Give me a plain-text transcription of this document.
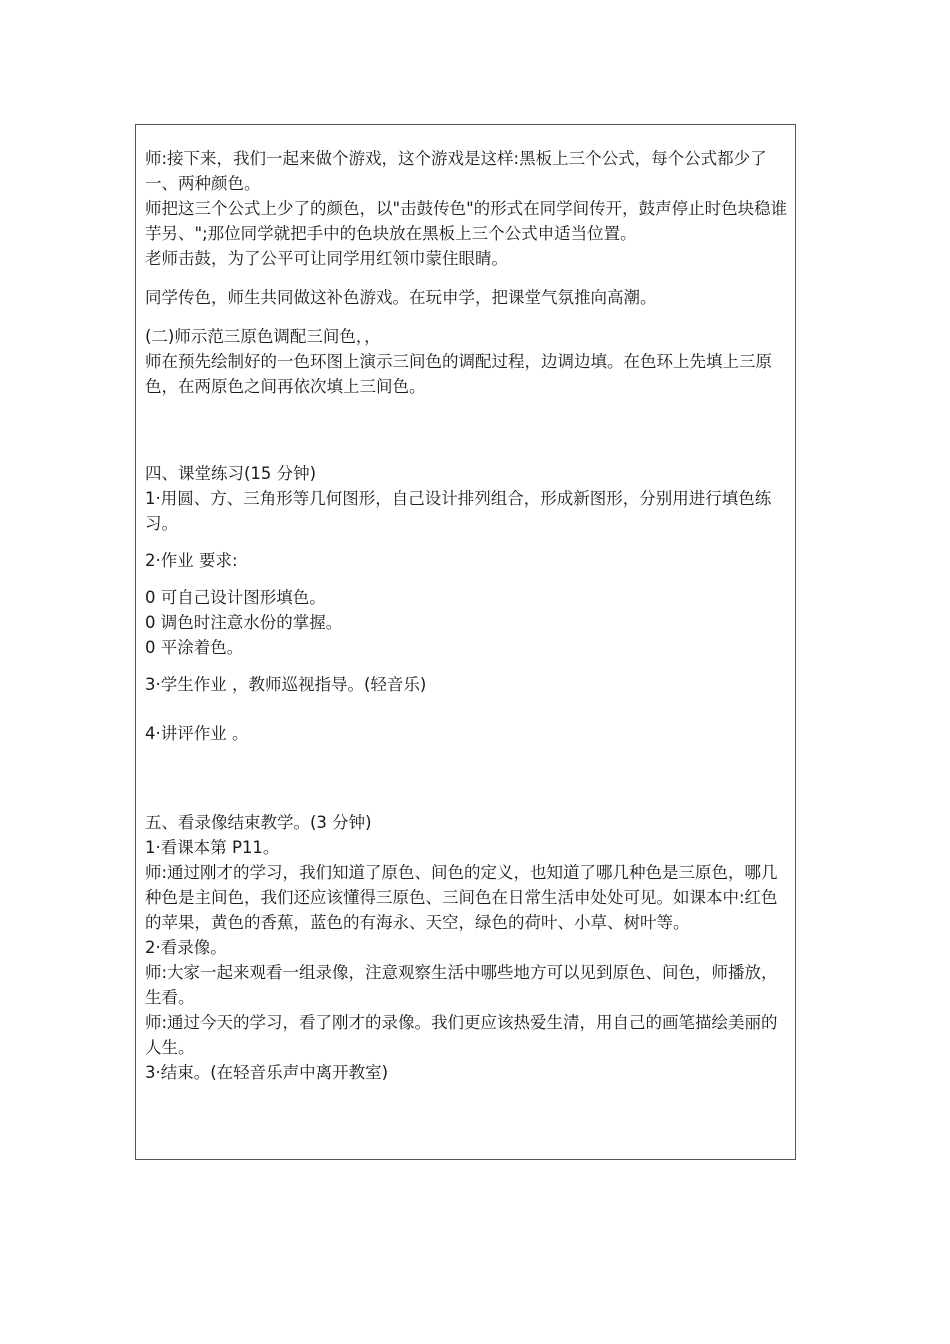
师:接下来，我们一起来做个游戏，这个游戏是这样:黑板上三个公式，每个公式都少了一、两种颜色。

师把这三个公式上少了的颜色，以"击鼓传色"的形式在同学间传开，鼓声停止时色块稳谁芋另、";那位同学就把手中的色块放在黑板上三个公式申适当位置。

老师击鼓，为了公平可让同学用红领巾蒙住眼睛。

同学传色，师生共同做这补色游戏。在玩申学，把课堂气氛推向高潮。

(二)师示范三原色调配三间色，，

师在预先绘制好的一色环图上演示三间色的调配过程，边调边填。在色环上先填上三原色，在两原色之间再依次填上三间色。

四、课堂练习(15 分钟)

1·用圆、方、三角形等几何图形，自己设计排列组合，形成新图形，分别用进行填色练习。

2·作业 要求:

0 可自己设计图形填色。

0 调色时注意水份的掌握。

0 平涂着色。

3·学生作业 ，教师巡视指导。(轻音乐)

4·讲评作业 。

五、看录像结束教学。(3 分钟)

1·看课本第 P11。

师:通过刚才的学习，我们知道了原色、间色的定义，也知道了哪几种色是三原色，哪几种色是主间色，我们还应该懂得三原色、三间色在日常生活申处处可见。如课本中:红色的苹果，黄色的香蕉，蓝色的有海永、天空，绿色的荷叶、小草、树叶等。

2·看录像。

师:大家一起来观看一组录像，注意观察生活中哪些地方可以见到原色、间色，师播放，生看。

师:通过今天的学习，看了刚才的录像。我们更应该热爱生清，用自己的画笔描绘美丽的人生。

3·结束。(在轻音乐声中离开教室)
